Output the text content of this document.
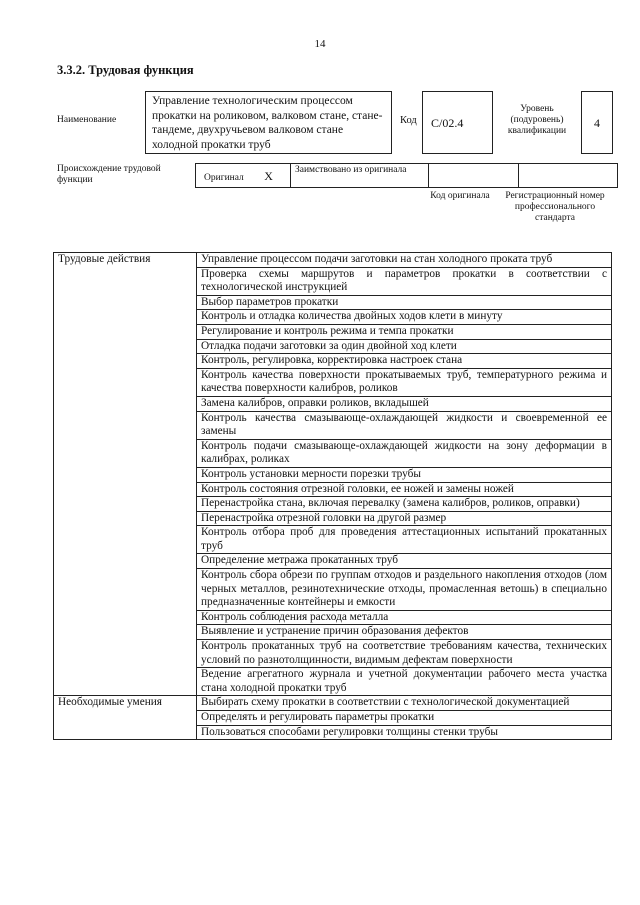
14
3.3.2. Трудовая функция
Наименование
Управление технологическим процессом прокатки на роликовом, валковом стане, стане-тандеме, двухручьевом валковом стане холодной прокатки труб
Код	C/02.4
Уровень (подуровень) квалификации
4
Происхождение трудовой функции	Оригинал X	Заимствовано из оригинала
Код оригинала Регистрационный номер профессионального стандарта
Трудовые действия	Управление процессом подачи заготовки на стан холодного проката труб
	Проверка схемы маршрутов и параметров прокатки в соответствии с технологической инструкцией
	Выбор параметров прокатки
	Контроль и отладка количества двойных ходов клети в минуту
	Регулирование и контроль режима и темпа прокатки
	Отладка подачи заготовки за один двойной ход клети
	Контроль, регулировка, корректировка настроек стана
	Контроль качества поверхности прокатываемых труб, температурного режима и качества поверхности калибров, роликов
	Замена калибров, оправки роликов, вкладышей
	Контроль качества смазывающе-охлаждающей жидкости и своевременной ее замены
	Контроль подачи смазывающе-охлаждающей жидкости на зону деформации в калибрах, роликах
	Контроль установки мерности порезки трубы
	Контроль состояния отрезной головки, ее ножей и замены ножей
	Перенастройка стана, включая перевалку (замена калибров, роликов, оправки)
	Перенастройка отрезной головки на другой размер
	Контроль отбора проб для проведения аттестационных испытаний прокатанных труб
	Определение метража прокатанных труб
	Контроль сбора обрези по группам отходов и раздельного накопления отходов (лом черных металлов, резинотехнические отходы, промасленная ветошь) в специально предназначенные контейнеры и емкости
	Контроль соблюдения расхода металла
	Выявление и устранение причин образования дефектов
	Контроль прокатанных труб на соответствие требованиям качества, технических условий по разнотолщинности, видимым дефектам поверхности
	Ведение агрегатного журнала и учетной документации рабочего места участка стана холодной прокатки труб
Необходимые умения	Выбирать схему прокатки в соответствии с технологической документацией
	Определять и регулировать параметры прокатки
	Пользоваться способами регулировки толщины стенки трубы
